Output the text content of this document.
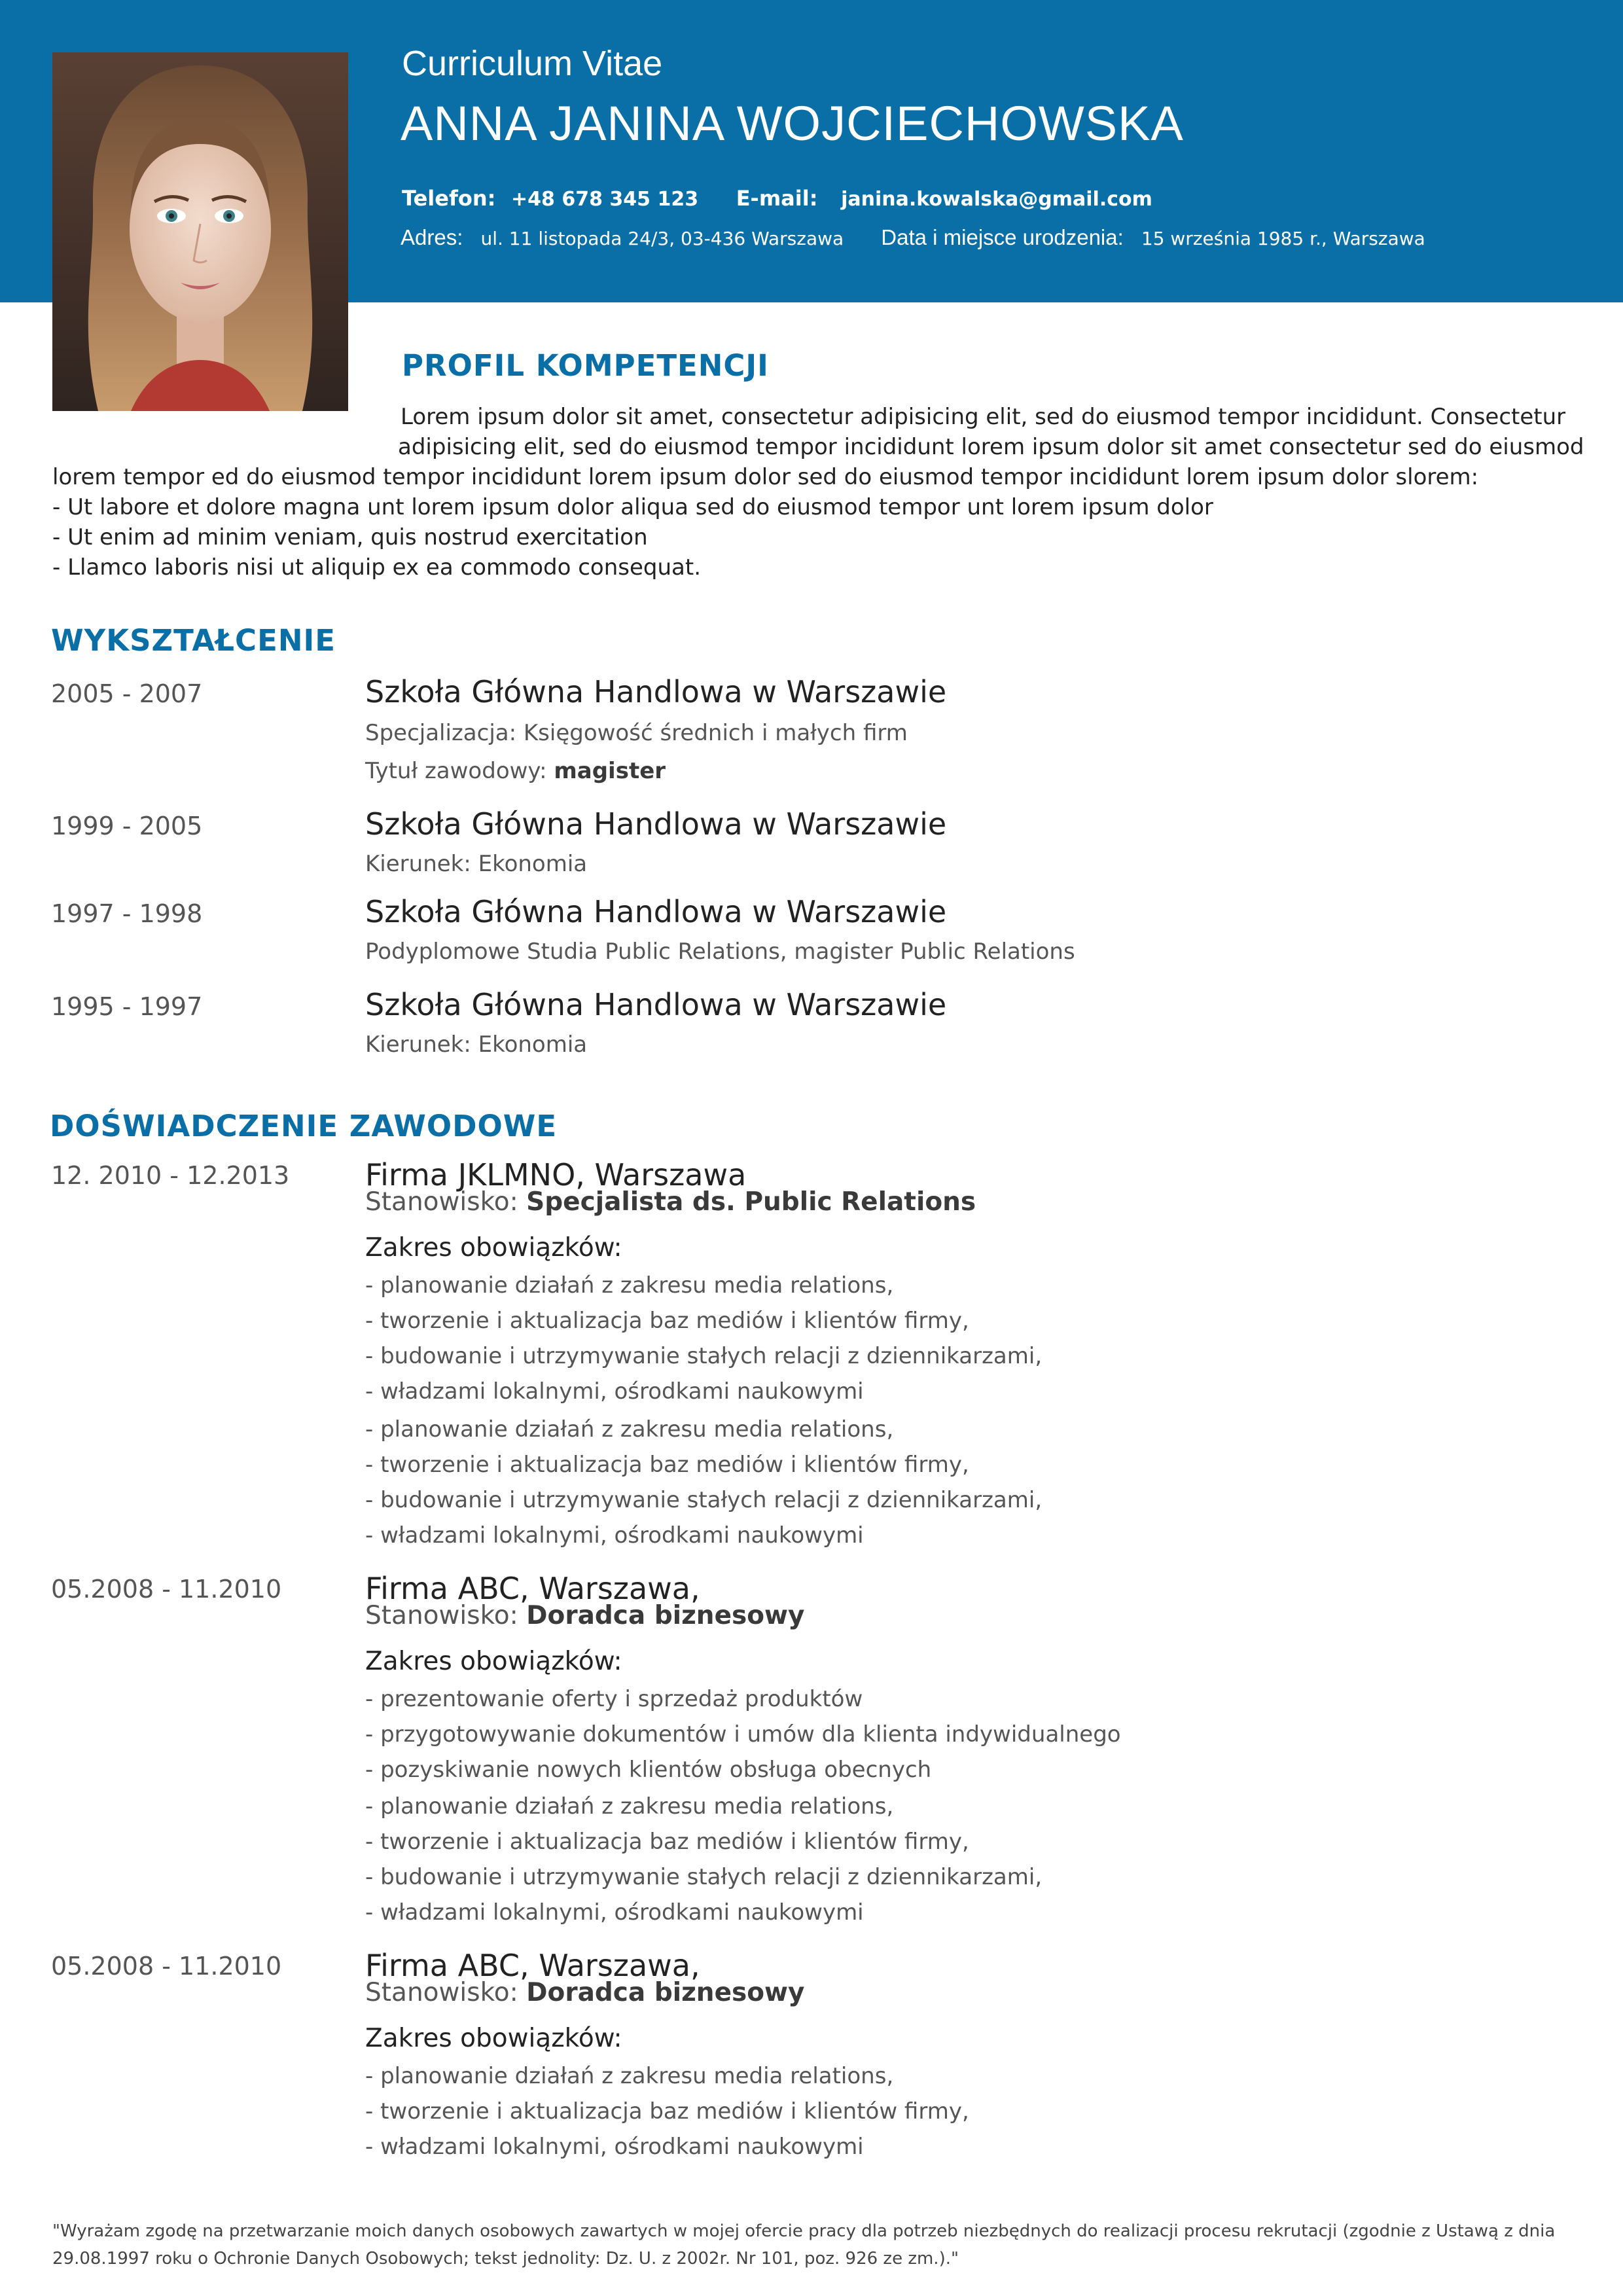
Curriculum Vitae
ANNA JANINA WOJCIECHOWSKA
Telefon: +48 678 345 123 E-mail: janina.kowalska@gmail.com
Adres: ul. 11 listopada 24/3, 03-436 Warszawa Data i miejsce urodzenia: 15 września 1985 r., Warszawa
PROFIL KOMPETENCJI
Lorem ipsum dolor sit amet, consectetur adipisicing elit, sed do eiusmod tempor incididunt. Consectetur
adipisicing elit, sed do eiusmod tempor incididunt lorem ipsum dolor sit amet consectetur sed do eiusmod
lorem tempor ed do eiusmod tempor incididunt lorem ipsum dolor sed do eiusmod tempor incididunt lorem ipsum dolor slorem:
- Ut labore et dolore magna unt lorem ipsum dolor aliqua sed do eiusmod tempor unt lorem ipsum dolor
- Ut enim ad minim veniam, quis nostrud exercitation
- Llamco laboris nisi ut aliquip ex ea commodo consequat.
WYKSZTAŁCENIE
2005 - 2007	Szkoła Główna Handlowa w Warszawie
Specjalizacja: Księgowość średnich i małych firm
Tytuł zawodowy: magister
1999 - 2005	Szkoła Główna Handlowa w Warszawie
Kierunek: Ekonomia
1997 - 1998	Szkoła Główna Handlowa w Warszawie
Podyplomowe Studia Public Relations, magister Public Relations
1995 - 1997	Szkoła Główna Handlowa w Warszawie
Kierunek: Ekonomia
DOŚWIADCZENIE ZAWODOWE
12. 2010 - 12.2013	Firma JKLMNO, Warszawa
Stanowisko: Specjalista ds. Public Relations
Zakres obowiązków:
- planowanie działań z zakresu media relations,
- tworzenie i aktualizacja baz mediów i klientów firmy,
- budowanie i utrzymywanie stałych relacji z dziennikarzami,
- władzami lokalnymi, ośrodkami naukowymi
- planowanie działań z zakresu media relations,
- tworzenie i aktualizacja baz mediów i klientów firmy,
- budowanie i utrzymywanie stałych relacji z dziennikarzami,
- władzami lokalnymi, ośrodkami naukowymi
05.2008 - 11.2010	Firma ABC, Warszawa,
Stanowisko: Doradca biznesowy
Zakres obowiązków:
- prezentowanie oferty i sprzedaż produktów
- przygotowywanie dokumentów i umów dla klienta indywidualnego
- pozyskiwanie nowych klientów obsługa obecnych
- planowanie działań z zakresu media relations,
- tworzenie i aktualizacja baz mediów i klientów firmy,
- budowanie i utrzymywanie stałych relacji z dziennikarzami,
- władzami lokalnymi, ośrodkami naukowymi
05.2008 - 11.2010	Firma ABC, Warszawa,
Stanowisko: Doradca biznesowy
Zakres obowiązków:
- planowanie działań z zakresu media relations,
- tworzenie i aktualizacja baz mediów i klientów firmy,
- władzami lokalnymi, ośrodkami naukowymi
"Wyrażam zgodę na przetwarzanie moich danych osobowych zawartych w mojej ofercie pracy dla potrzeb niezbędnych do realizacji procesu rekrutacji (zgodnie z Ustawą z dnia
29.08.1997 roku o Ochronie Danych Osobowych; tekst jednolity: Dz. U. z 2002r. Nr 101, poz. 926 ze zm.)."
